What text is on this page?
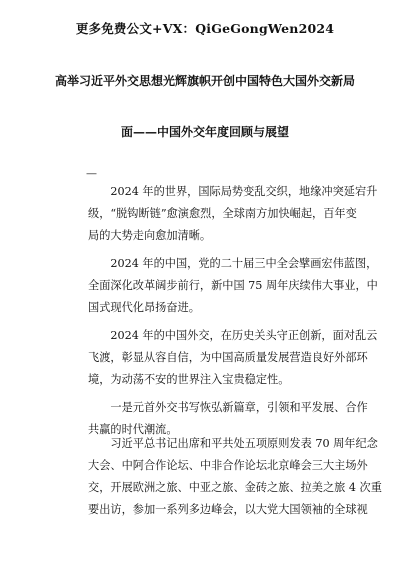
更多免费公文+VX：QiGeGongWen2024
高举习近平外交思想光辉旗帜开创中国特色大国外交新局
面——中国外交年度回顾与展望
—
2024 年的世界，国际局势变乱交织，地缘冲突延宕升
级，“脱钩断链”愈演愈烈，全球南方加快崛起，百年变
局的大势走向愈加清晰。
2024 年的中国，党的二十届三中全会擘画宏伟蓝图，
全面深化改革阔步前行，新中国 75 周年庆续伟大事业，中
国式现代化昂扬奋进。
2024 年的中国外交，在历史关头守正创新，面对乱云
飞渡，彰显从容自信，为中国高质量发展营造良好外部环
境，为动荡不安的世界注入宝贵稳定性。
一是元首外交书写恢弘新篇章，引领和平发展、合作
共赢的时代潮流。
习近平总书记出席和平共处五项原则发表 70 周年纪念
大会、中阿合作论坛、中非合作论坛北京峰会三大主场外
交，开展欧洲之旅、中亚之旅、金砖之旅、拉美之旅 4 次重
要出访，参加一系列多边峰会，以大党大国领袖的全球视
